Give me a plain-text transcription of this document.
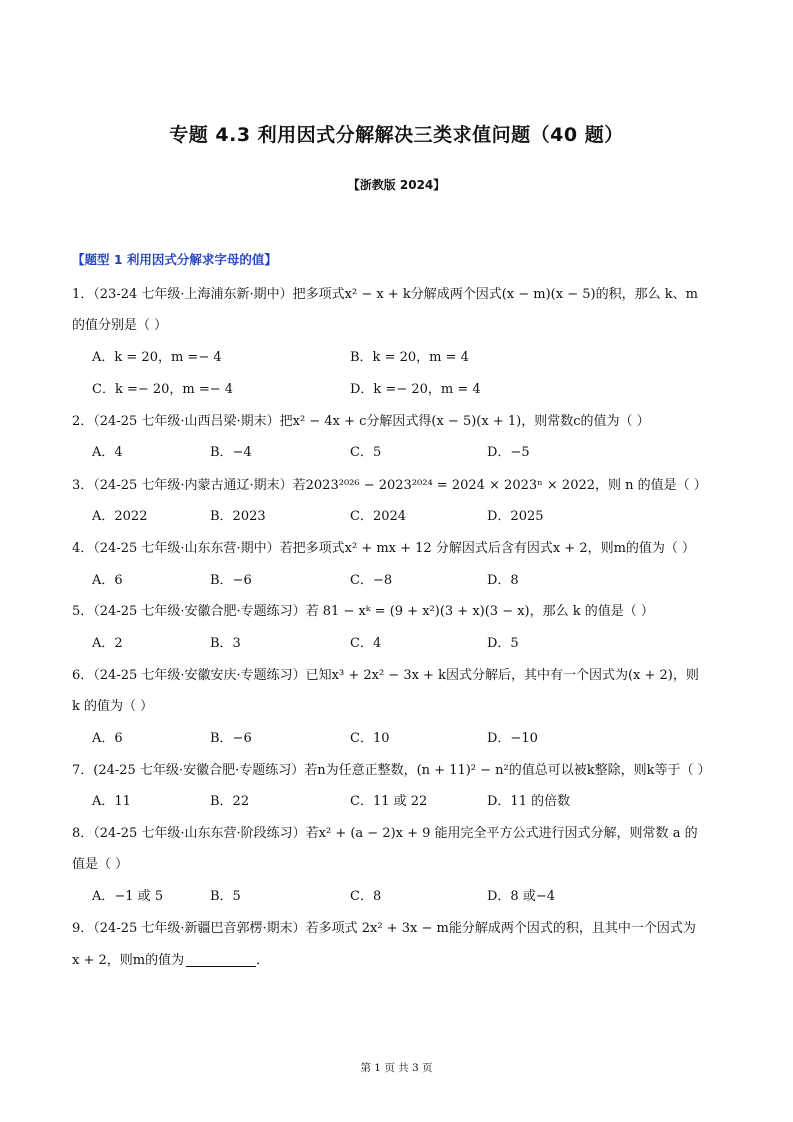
专题 4.3 利用因式分解解决三类求值问题（40 题）
【浙教版 2024】
【题型 1 利用因式分解求字母的值】
1．（23-24 七年级·上海浦东新·期中）把多项式x² − x + k分解成两个因式(x − m)(x − 5)的积，那么 k、m
的值分别是（ ）
A．k = 20，m =− 4	B．k = 20，m = 4
C．k =− 20，m =− 4	D．k =− 20，m = 4
2．（24-25 七年级·山西吕梁·期末）把x² − 4x + c分解因式得(x − 5)(x + 1)，则常数c的值为（ ）
A．4	B．−4	C．5	D．−5
3．（24-25 七年级·内蒙古通辽·期末）若2023²⁰²⁶ − 2023²⁰²⁴ = 2024 × 2023ⁿ × 2022，则 n 的值是（ ）
A．2022	B．2023	C．2024	D．2025
4．（24-25 七年级·山东东营·期中）若把多项式x² + mx + 12 分解因式后含有因式x + 2，则m的值为（ ）
A．6	B．−6	C．−8	D．8
5．（24-25 七年级·安徽合肥·专题练习）若 81 − xᵏ = (9 + x²)(3 + x)(3 − x)，那么 k 的值是（ ）
A．2	B．3	C．4	D．5
6．（24-25 七年级·安徽安庆·专题练习）已知x³ + 2x² − 3x + k因式分解后，其中有一个因式为(x + 2)，则
k 的值为（ ）
A．6	B．−6	C．10	D．−10
7．(24-25 七年级·安徽合肥·专题练习）若n为任意正整数，(n + 11)² − n²的值总可以被k整除，则k等于（ ）
A．11	B．22	C．11 或 22	D．11 的倍数
8．（24-25 七年级·山东东营·阶段练习）若x² + (a − 2)x + 9 能用完全平方公式进行因式分解，则常数 a 的
值是（ ）
A．−1 或 5	B．5	C．8	D．8 或−4
9．（24-25 七年级·新疆巴音郭楞·期末）若多项式 2x² + 3x − m能分解成两个因式的积，且其中一个因式为
x + 2，则m的值为	．
第 1 页 共 3 页
